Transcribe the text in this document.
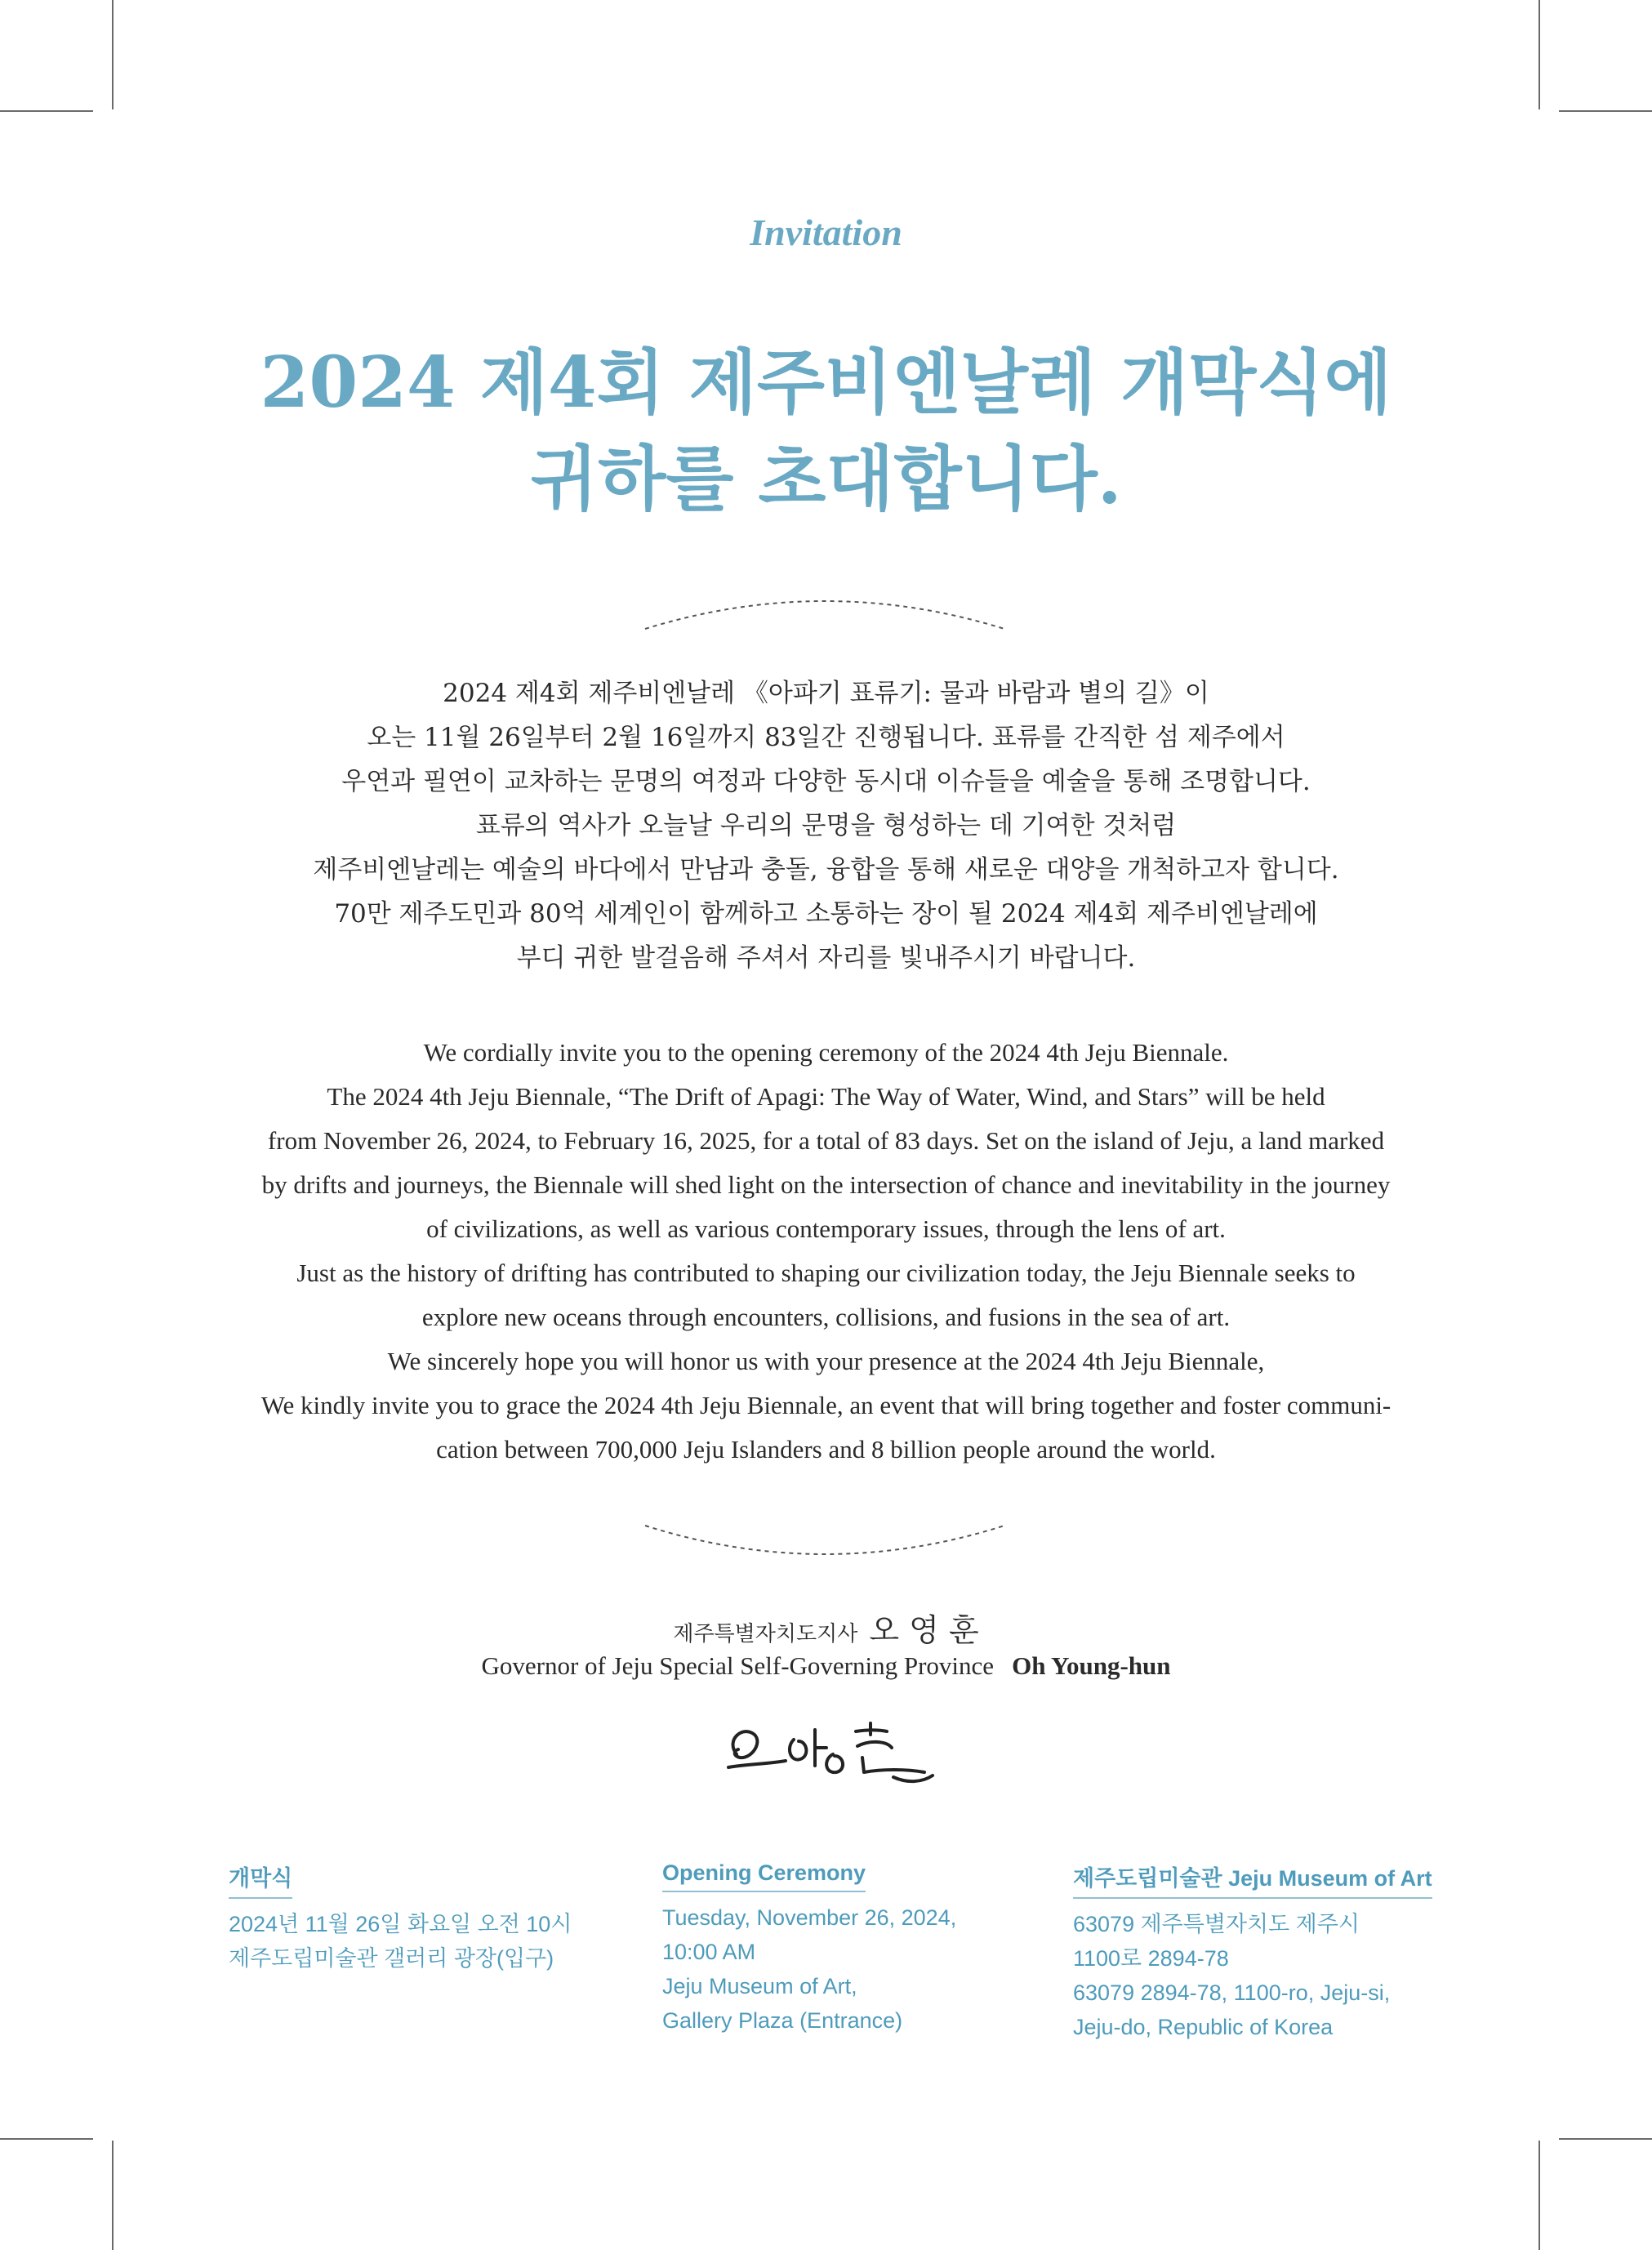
Invitation
2024 제4회 제주비엔날레 개막식에
귀하를 초대합니다.
2024 제4회 제주비엔날레 《아파기 표류기: 물과 바람과 별의 길》이
오는 11월 26일부터 2월 16일까지 83일간 진행됩니다. 표류를 간직한 섬 제주에서
우연과 필연이 교차하는 문명의 여정과 다양한 동시대 이슈들을 예술을 통해 조명합니다.
표류의 역사가 오늘날 우리의 문명을 형성하는 데 기여한 것처럼
제주비엔날레는 예술의 바다에서 만남과 충돌, 융합을 통해 새로운 대양을 개척하고자 합니다.
70만 제주도민과 80억 세계인이 함께하고 소통하는 장이 될 2024 제4회 제주비엔날레에
부디 귀한 발걸음해 주셔서 자리를 빛내주시기 바랍니다.
We cordially invite you to the opening ceremony of the 2024 4th Jeju Biennale.
The 2024 4th Jeju Biennale, “The Drift of Apagi: The Way of Water, Wind, and Stars” will be held
from November 26, 2024, to February 16, 2025, for a total of 83 days. Set on the island of Jeju, a land marked
by drifts and journeys, the Biennale will shed light on the intersection of chance and inevitability in the journey
of civilizations, as well as various contemporary issues, through the lens of art.
Just as the history of drifting has contributed to shaping our civilization today, the Jeju Biennale seeks to
explore new oceans through encounters, collisions, and fusions in the sea of art.
We sincerely hope you will honor us with your presence at the 2024 4th Jeju Biennale,
We kindly invite you to grace the 2024 4th Jeju Biennale, an event that will bring together and foster communi-
cation between 700,000 Jeju Islanders and 8 billion people around the world.
제주특별자치도지사 오 영 훈
Governor of Jeju Special Self-Governing Province Oh Young-hun
개막식
2024년 11월 26일 화요일 오전 10시
제주도립미술관 갤러리 광장(입구)
Opening Ceremony
Tuesday, November 26, 2024,
10:00 AM
Jeju Museum of Art,
Gallery Plaza (Entrance)
제주도립미술관 Jeju Museum of Art
63079 제주특별자치도 제주시
1100로 2894-78
63079 2894-78, 1100-ro, Jeju-si,
Jeju-do, Republic of Korea
